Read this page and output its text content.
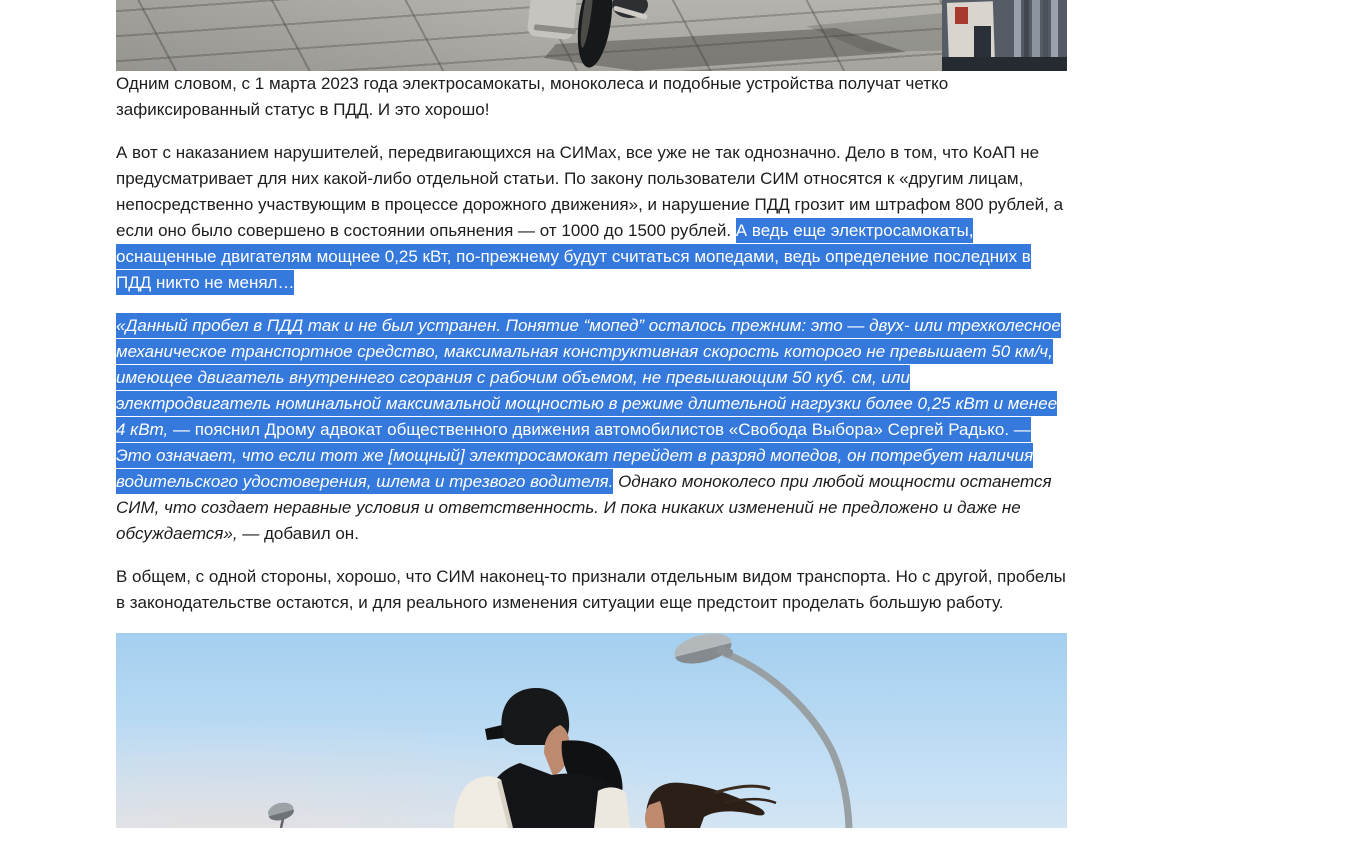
Одним словом, с 1 марта 2023 года электросамокаты, моноколеса и подобные устройства получат четко зафиксированный статус в ПДД. И это хорошо!

А вот с наказанием нарушителей, передвигающихся на СИМах, все уже не так однозначно. Дело в том, что КоАП не предусматривает для них какой-либо отдельной статьи. По закону пользователи СИМ относятся к «другим лицам, непосредственно участвующим в процессе дорожного движения», и нарушение ПДД грозит им штрафом 800 рублей, а если оно было совершено в состоянии опьянения — от 1000 до 1500 рублей. А ведь еще электросамокаты, оснащенные двигателям мощнее 0,25 кВт, по-прежнему будут считаться мопедами, ведь определение последних в ПДД никто не менял…

«Данный пробел в ПДД так и не был устранен. Понятие “мопед” осталось прежним: это — двух- или трехколесное механическое транспортное средство, максимальная конструктивная скорость которого не превышает 50 км/ч, имеющее двигатель внутреннего сгорания с рабочим объемом, не превышающим 50 куб. см, или электродвигатель номинальной максимальной мощностью в режиме длительной нагрузки более 0,25 кВт и менее 4 кВт, — пояснил Дрому адвокат общественного движения автомобилистов «Свобода Выбора» Сергей Радько. — Это означает, что если тот же [мощный] электросамокат перейдет в разряд мопедов, он потребует наличия водительского удостоверения, шлема и трезвого водителя. Однако моноколесо при любой мощности останется СИМ, что создает неравные условия и ответственность. И пока никаких изменений не предложено и даже не обсуждается», — добавил он.

В общем, с одной стороны, хорошо, что СИМ наконец-то признали отдельным видом транспорта. Но с другой, пробелы в законодательстве остаются, и для реального изменения ситуации еще предстоит проделать большую работу.
